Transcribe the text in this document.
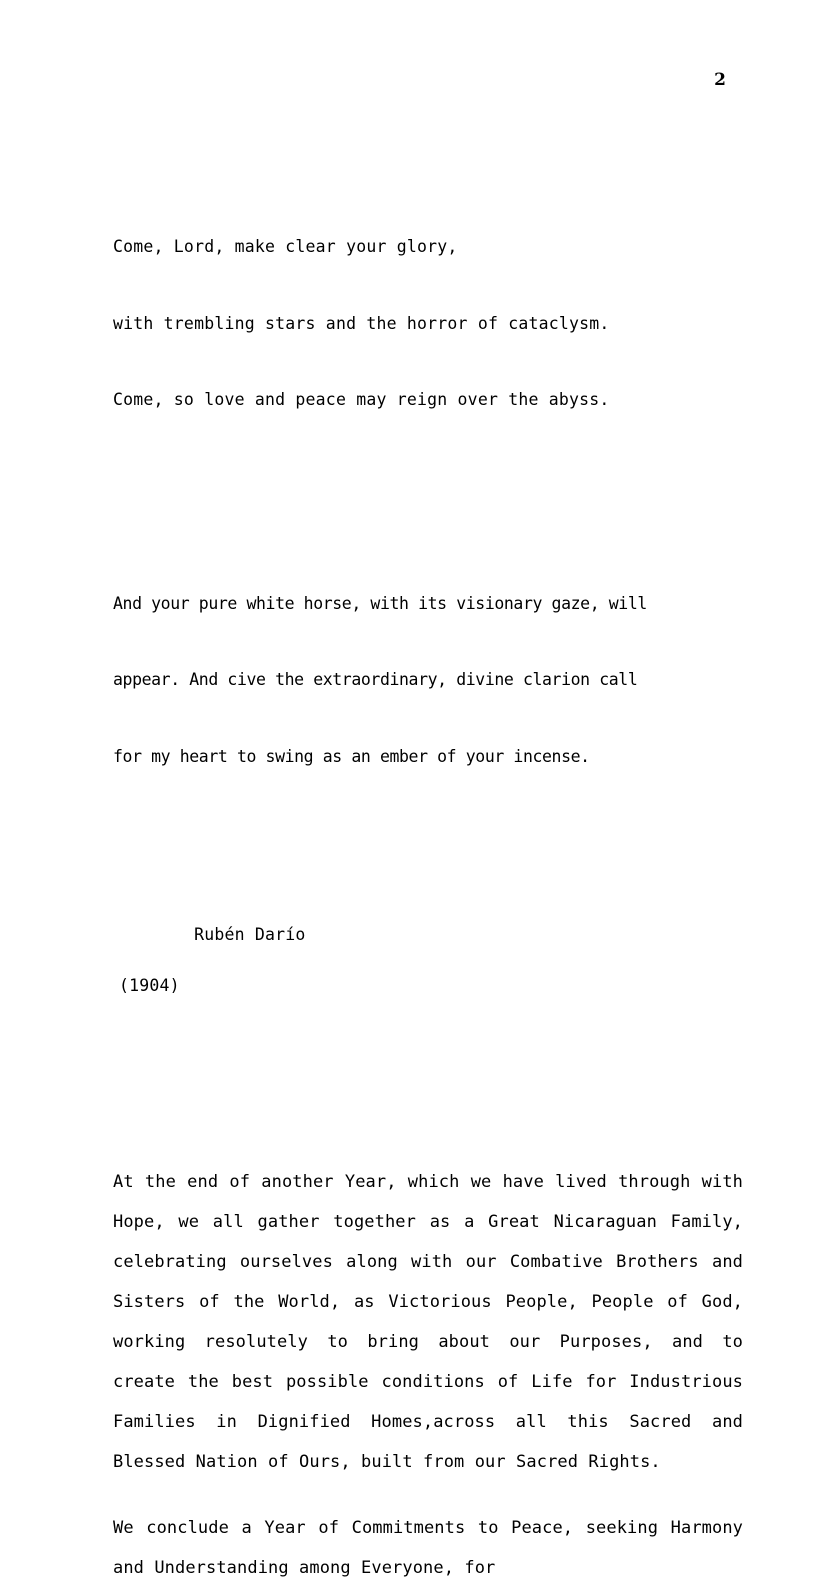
2

Come, Lord, make clear your glory,

with trembling stars and the horror of cataclysm.

Come, so love and peace may reign over the abyss.

And your pure white horse, with its visionary gaze, will

appear. And cive the extraordinary, divine clarion call

for my heart to swing as an ember of your incense.

Rubén Darío

(1904)

At the end of another Year, which we have lived through with Hope, we all gather together as a Great Nicaraguan Family, celebrating ourselves along with our Combative Brothers and Sisters of the World, as Victorious People, People of God, working resolutely to bring about our Purposes, and to create the best possible conditions of Life for Industrious Families in Dignified Homes,across all this Sacred and Blessed Nation of Ours, built from our Sacred Rights.

We conclude a Year of Commitments to Peace, seeking Harmony and Understanding among Everyone, for
